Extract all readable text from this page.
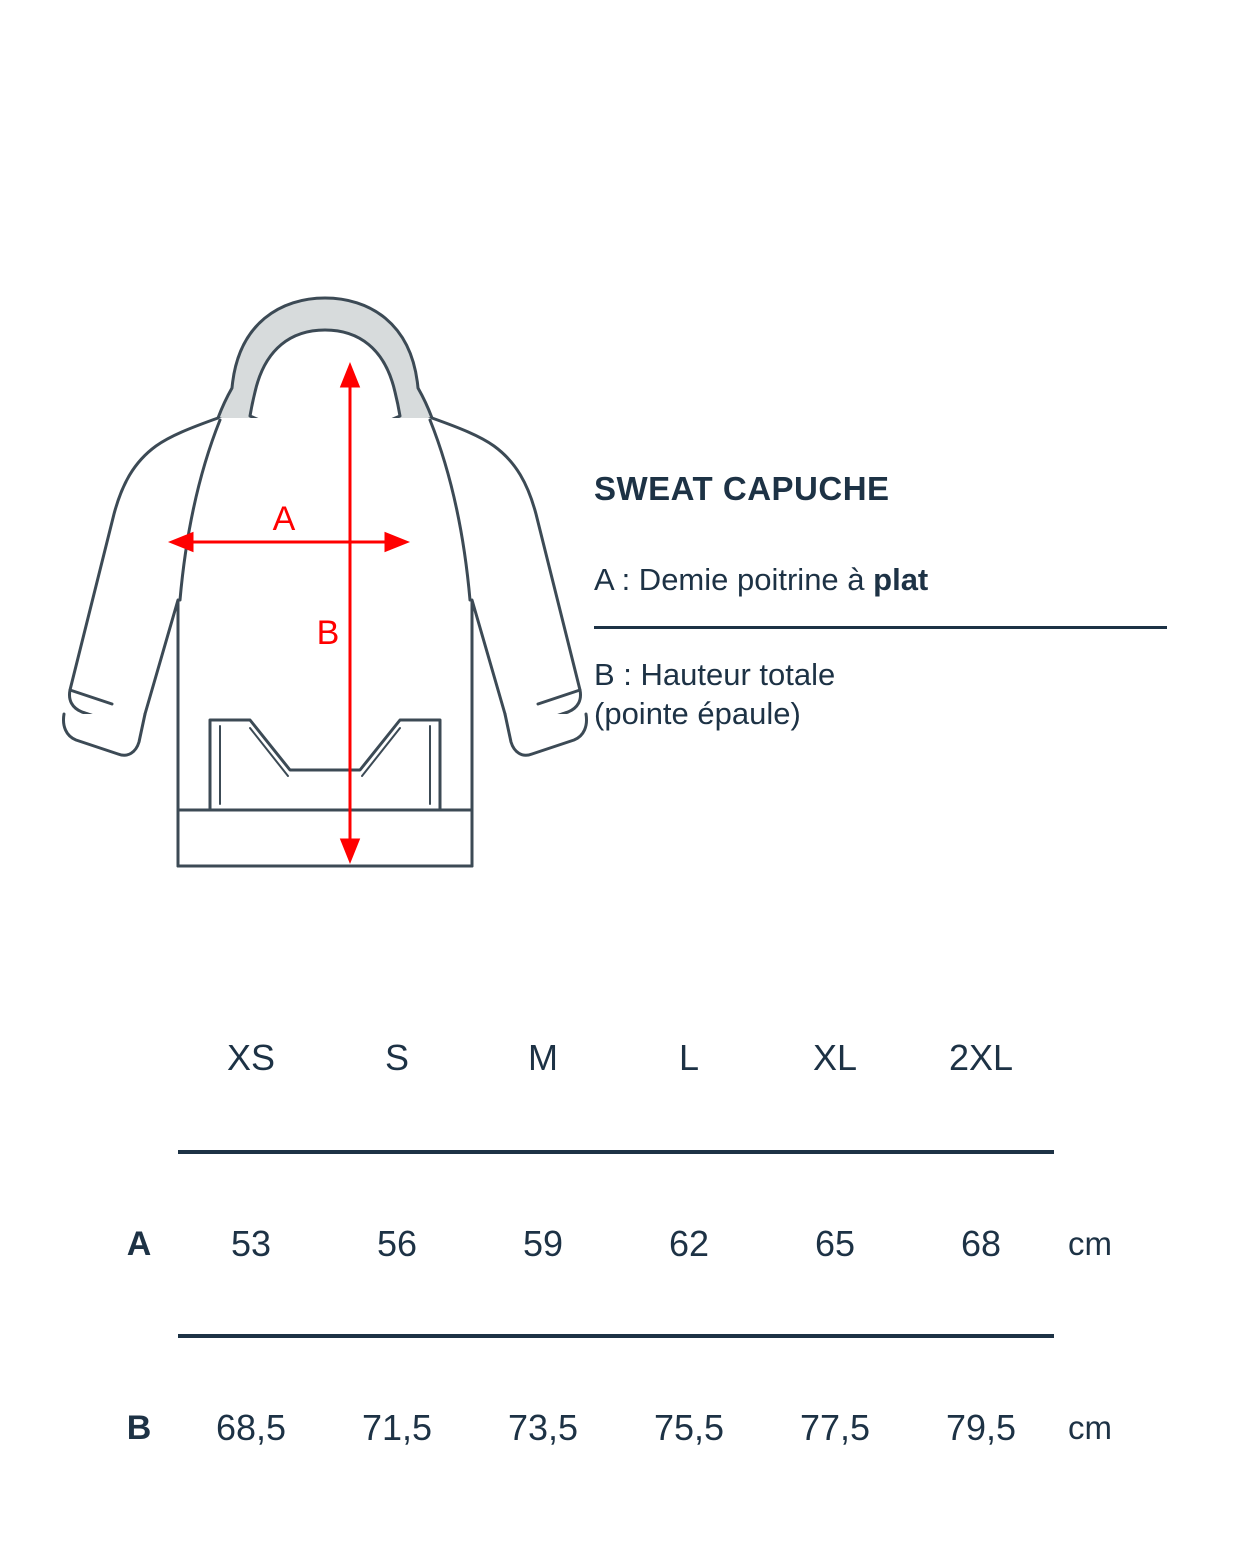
A
B
SWEAT CAPUCHE
A : Demie poitrine à plat
B : Hauteur totale
(pointe épaule)
	XS	S	M	L	XL	2XL	

A	53	56	59	62	65	68	cm

B	68,5	71,5	73,5	75,5	77,5	79,5	cm
